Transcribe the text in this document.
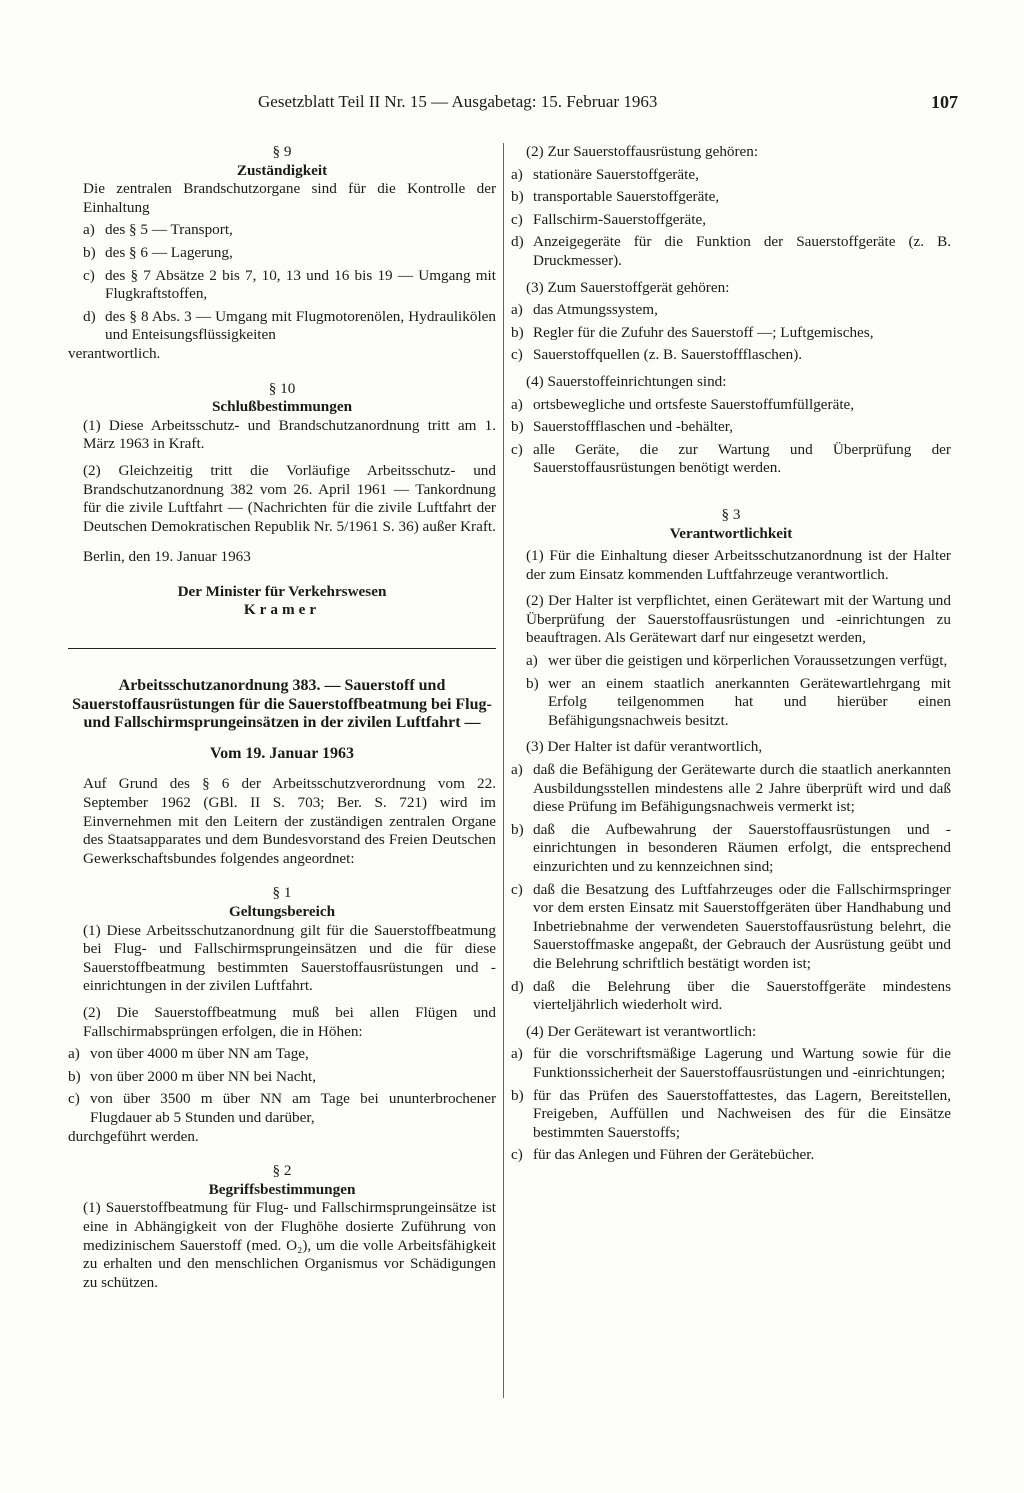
Gesetzblatt Teil II Nr. 15 — Ausgabetag: 15. Februar 1963	107

§ 9

Zuständigkeit

Die zentralen Brandschutzorgane sind für die Kontrolle der Einhaltung

a) des § 5 — Transport,
b) des § 6 — Lagerung,
c) des § 7 Absätze 2 bis 7, 10, 13 und 16 bis 19 — Umgang mit Flugkraftstoffen,
d) des § 8 Abs. 3 — Umgang mit Flugmotorenölen, Hydraulikölen und Enteisungsflüssigkeiten

verantwortlich.

§ 10

Schlußbestimmungen

(1) Diese Arbeitsschutz- und Brandschutzanordnung tritt am 1. März 1963 in Kraft.

(2) Gleichzeitig tritt die Vorläufige Arbeitsschutz- und Brandschutzanordnung 382 vom 26. April 1961 — Tankordnung für die zivile Luftfahrt — (Nachrichten für die zivile Luftfahrt der Deutschen Demokratischen Republik Nr. 5/1961 S. 36) außer Kraft.

Berlin, den 19. Januar 1963

Der Minister für Verkehrswesen

Kramer

Arbeitsschutzanordnung 383. — Sauerstoff und Sauerstoffausrüstungen für die Sauerstoffbeatmung bei Flug- und Fallschirmsprungeinsätzen in der zivilen Luftfahrt —

Vom 19. Januar 1963

Auf Grund des § 6 der Arbeitsschutzverordnung vom 22. September 1962 (GBl. II S. 703; Ber. S. 721) wird im Einvernehmen mit den Leitern der zuständigen zentralen Organe des Staatsapparates und dem Bundesvorstand des Freien Deutschen Gewerkschaftsbundes folgendes angeordnet:

§ 1

Geltungsbereich

(1) Diese Arbeitsschutzanordnung gilt für die Sauerstoffbeatmung bei Flug- und Fallschirmsprungeinsätzen und die für diese Sauerstoffbeatmung bestimmten Sauerstoffausrüstungen und -einrichtungen in der zivilen Luftfahrt.

(2) Die Sauerstoffbeatmung muß bei allen Flügen und Fallschirmabsprüngen erfolgen, die in Höhen:

a) von über 4000 m über NN am Tage,
b) von über 2000 m über NN bei Nacht,
c) von über 3500 m über NN am Tage bei ununterbrochener Flugdauer ab 5 Stunden und darüber,

durchgeführt werden.

§ 2

Begriffsbestimmungen

(1) Sauerstoffbeatmung für Flug- und Fallschirmsprungeinsätze ist eine in Abhängigkeit von der Flughöhe dosierte Zuführung von medizinischem Sauerstoff (med. O₂), um die volle Arbeitsfähigkeit zu erhalten und den menschlichen Organismus vor Schädigungen zu schützen.

(2) Zur Sauerstoffausrüstung gehören:

a) stationäre Sauerstoffgeräte,
b) transportable Sauerstoffgeräte,
c) Fallschirm-Sauerstoffgeräte,
d) Anzeigegeräte für die Funktion der Sauerstoffgeräte (z. B. Druckmesser).

(3) Zum Sauerstoffgerät gehören:

a) das Atmungssystem,
b) Regler für die Zufuhr des Sauerstoff —; Luftgemisches,
c) Sauerstoffquellen (z. B. Sauerstoffflaschen).

(4) Sauerstoffeinrichtungen sind:

a) ortsbewegliche und ortsfeste Sauerstoffumfüllgeräte,
b) Sauerstoffflaschen und -behälter,
c) alle Geräte, die zur Wartung und Überprüfung der Sauerstoffausrüstungen benötigt werden.

§ 3

Verantwortlichkeit

(1) Für die Einhaltung dieser Arbeitsschutzanordnung ist der Halter der zum Einsatz kommenden Luftfahrzeuge verantwortlich.

(2) Der Halter ist verpflichtet, einen Gerätewart mit der Wartung und Überprüfung der Sauerstoffausrüstungen und -einrichtungen zu beauftragen. Als Gerätewart darf nur eingesetzt werden,

a) wer über die geistigen und körperlichen Voraussetzungen verfügt,
b) wer an einem staatlich anerkannten Gerätewartlehrgang mit Erfolg teilgenommen hat und hierüber einen Befähigungsnachweis besitzt.

(3) Der Halter ist dafür verantwortlich,

a) daß die Befähigung der Gerätewarte durch die staatlich anerkannten Ausbildungsstellen mindestens alle 2 Jahre überprüft wird und daß diese Prüfung im Befähigungsnachweis vermerkt ist;
b) daß die Aufbewahrung der Sauerstoffausrüstungen und -einrichtungen in besonderen Räumen erfolgt, die entsprechend einzurichten und zu kennzeichnen sind;
c) daß die Besatzung des Luftfahrzeuges oder die Fallschirmspringer vor dem ersten Einsatz mit Sauerstoffgeräten über Handhabung und Inbetriebnahme der verwendeten Sauerstoffausrüstung belehrt, die Sauerstoffmaske angepaßt, der Gebrauch der Ausrüstung geübt und die Belehrung schriftlich bestätigt worden ist;
d) daß die Belehrung über die Sauerstoffgeräte mindestens vierteljährlich wiederholt wird.

(4) Der Gerätewart ist verantwortlich:

a) für die vorschriftsmäßige Lagerung und Wartung sowie für die Funktionssicherheit der Sauerstoffausrüstungen und -einrichtungen;
b) für das Prüfen des Sauerstoffattestes, das Lagern, Bereitstellen, Freigeben, Auffüllen und Nachweisen des für die Einsätze bestimmten Sauerstoffs;
c) für das Anlegen und Führen der Gerätebücher.
